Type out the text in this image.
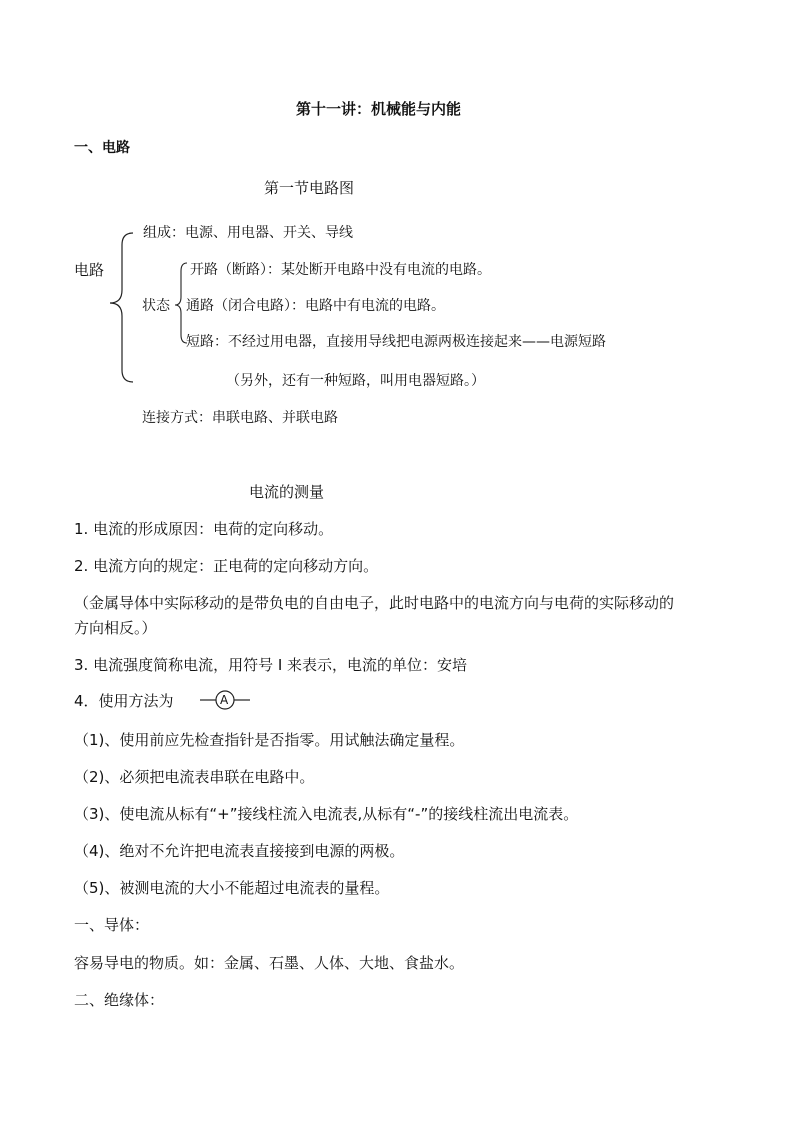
第十一讲：机械能与内能
一、电路
第一节电路图
电路
组成：电源、用电器、开关、导线
状态
开路（断路）：某处断开电路中没有电流的电路。
通路（闭合电路）：电路中有电流的电路。
短路：不经过用电器，直接用导线把电源两极连接起来——电源短路
（另外，还有一种短路，叫用电器短路。）
连接方式：串联电路、并联电路
电流的测量
1. 电流的形成原因：电荷的定向移动。
2. 电流方向的规定：正电荷的定向移动方向。
（金属导体中实际移动的是带负电的自由电子，此时电路中的电流方向与电荷的实际移动的
方向相反。）
3. 电流强度简称电流，用符号 I 来表示，电流的单位：安培
4．使用方法为	A
（1)、使用前应先检查指针是否指零。用试触法确定量程。
（2)、必须把电流表串联在电路中。
（3)、使电流从标有“+”接线柱流入电流表,从标有“-”的接线柱流出电流表。
（4)、绝对不允许把电流表直接接到电源的两极。
（5)、被测电流的大小不能超过电流表的量程。
一、导体：
容易导电的物质。如：金属、石墨、人体、大地、食盐水。
二、绝缘体：
